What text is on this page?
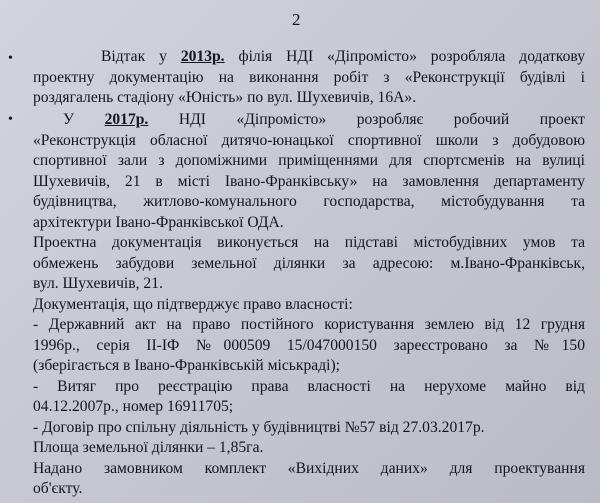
2
•	Відтак у 2013р. філія НДІ «Діпромісто» розробляла додаткову
проектну документацію на виконання робіт з «Реконструкції будівлі і
роздягалень стадіону «Юність» по вул. Шухевичів, 16А».
•	У 2017р. НДІ «Діпромісто» розробляє робочий проект
«Реконструкція обласної дитячо-юнацької спортивної школи з добудовою
спортивної зали з допоміжними приміщеннями для спортсменів на вулиці
Шухевичів, 21 в місті Івано-Франківську» на замовлення департаменту
будівництва, житлово-комунального господарства, містобудування та
архітектури Івано-Франківської ОДА.
Проектна документація виконується на підставі містобудівних умов та
обмежень забудови земельної ділянки за адресою: м.Івано-Франківськ,
вул. Шухевичів, 21.
Документація, що підтверджує право власності:
- Державний акт на право постійного користування землею від 12 грудня
1996р., серія ІІ-ІФ №000509 15/047000150 зареєстровано за №150
(зберігається в Івано-Франківській міськраді);
- Витяг про реєстрацію права власності на нерухоме майно від
04.12.2007р., номер 16911705;
- Договір про спільну діяльність у будівництві №57 від 27.03.2017р.
Площа земельної ділянки – 1,85га.
Надано замовником комплект «Вихідних даних» для проектування
об'єкту.
